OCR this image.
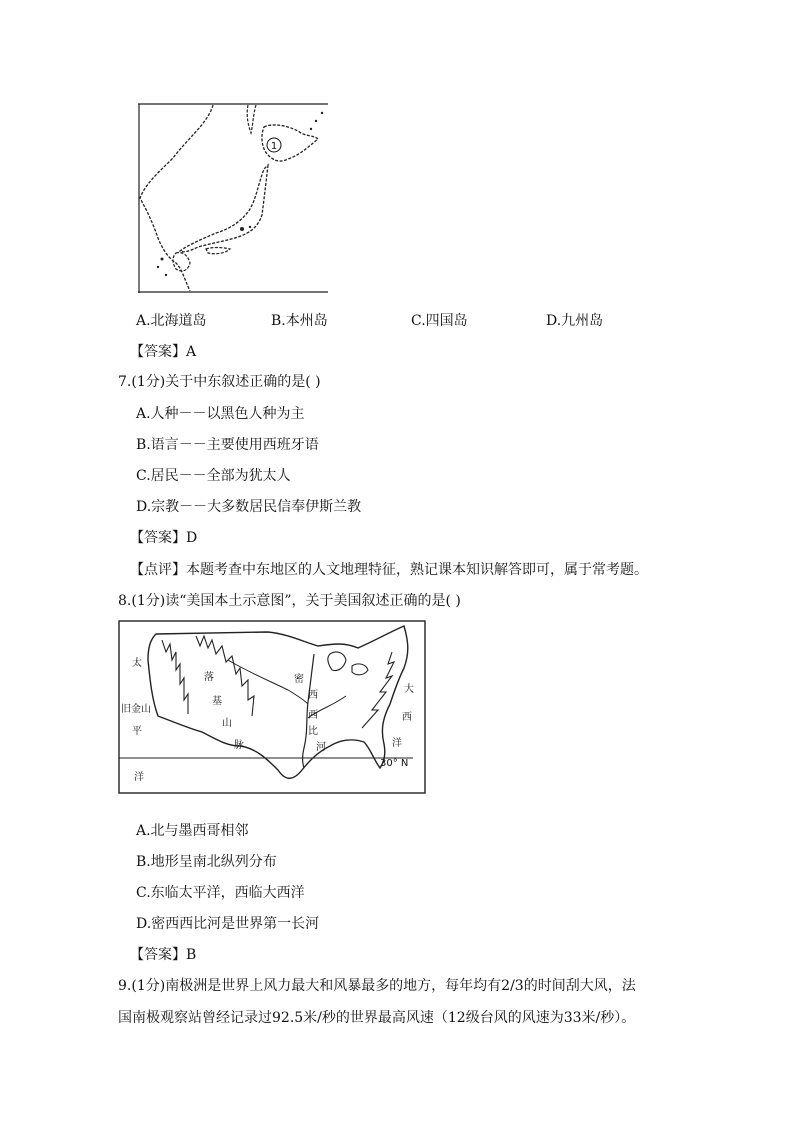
1
A.北海道岛	B.本州岛	C.四国岛	D.九州岛
【答案】A
7.(1分)关于中东叙述正确的是( )
A.人种－－以黑色人种为主
B.语言－－主要使用西班牙语
C.居民－－全部为犹太人
D.宗教－－大多数居民信奉伊斯兰教
【答案】D
【点评】本题考查中东地区的人文地理特征，熟记课本知识解答即可，属于常考题。
8.(1分)读“美国本土示意图”，关于美国叙述正确的是( )
太
旧金山
平
洋
落
基
山
脉
密
西
西
比
河
大
西
洋
30° N
A.北与墨西哥相邻
B.地形呈南北纵列分布
C.东临太平洋，西临大西洋
D.密西西比河是世界第一长河
【答案】B
9.(1分)南极洲是世界上风力最大和风暴最多的地方，每年均有2/3的时间刮大风，法
国南极观察站曾经记录过92.5米/秒的世界最高风速（12级台风的风速为33米/秒）。
